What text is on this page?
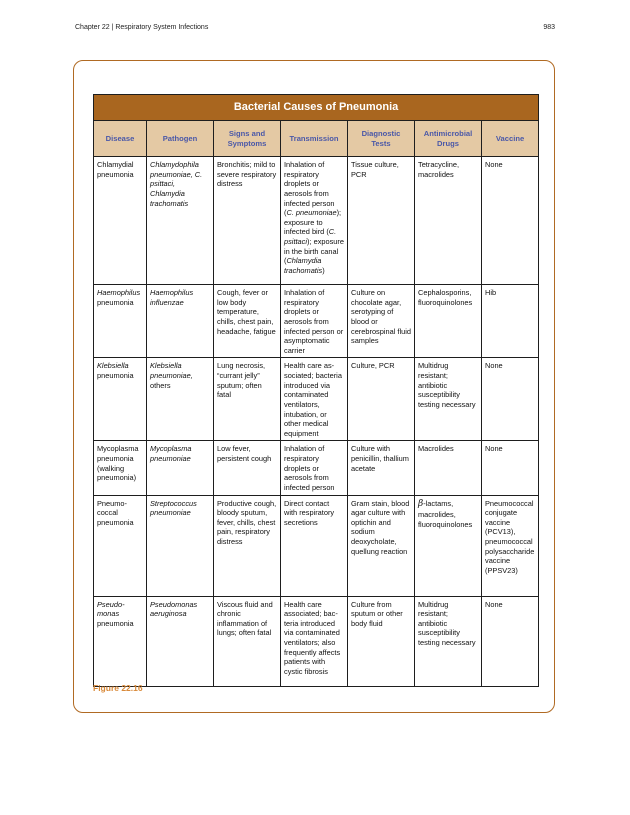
Chapter 22 | Respiratory System Infections	983
Bacterial Causes of Pneumonia						
Disease	Pathogen	Signs and Symptoms	Transmission	Diagnostic Tests	Antimicrobial Drugs	Vaccine
Chlamydial pneumonia	Chlamydophila pneumoniae, C. psittaci, Chlamydia trachomatis	Bronchitis; mild to severe respiratory distress	Inhalation of respiratory droplets or aerosols from infected person (C. pneumoniae); exposure to infected bird (C. psittaci); exposure in the birth canal (Chlamydia trachomatis)	Tissue culture, PCR	Tetracycline, macrolides	None
Haemophilus pneumonia	Haemophilus influenzae	Cough, fever or low body temperature, chills, chest pain, headache, fatigue	Inhalation of respiratory droplets or aerosols from infected person or asymptomatic carrier	Culture on chocolate agar, serotyping of blood or cerebrospinal fluid samples	Cephalosporins, fluoroquinolones	Hib
Klebsiella pneumonia	Klebsiella pneumoniae, others	Lung necrosis, “currant jelly” sputum; often fatal	Health care associated; bacteria introduced via contaminated ventilators, intubation, or other medical equipment	Culture, PCR	Multidrug resistant; antibiotic susceptibility testing necessary	None
Mycoplasma pneumonia (walking pneumonia)	Mycoplasma pneumoniae	Low fever, persistent cough	Inhalation of respiratory droplets or aerosols from infected person	Culture with penicillin, thallium acetate	Macrolides	None
Pneumococcal pneumonia	Streptococcus pneumoniae	Productive cough, bloody sputum, fever, chills, chest pain, respiratory distress	Direct contact with respiratory secretions	Gram stain, blood agar culture with optichin and sodium deoxycholate, quellung reaction	β-lactams, macrolides, fluoroquinolones	Pneumococcal conjugate vaccine (PCV13), pneumococcal polysaccharide vaccine (PPSV23)
Pseudomonas pneumonia	Pseudomonas aeruginosa	Viscous fluid and chronic inflammation of lungs; often fatal	Health care associated; bacteria introduced via contaminated ventilators; also frequently affects patients with cystic fibrosis	Culture from sputum or other body fluid	Multidrug resistant; antibiotic susceptibility testing necessary	None
Figure 22.16
